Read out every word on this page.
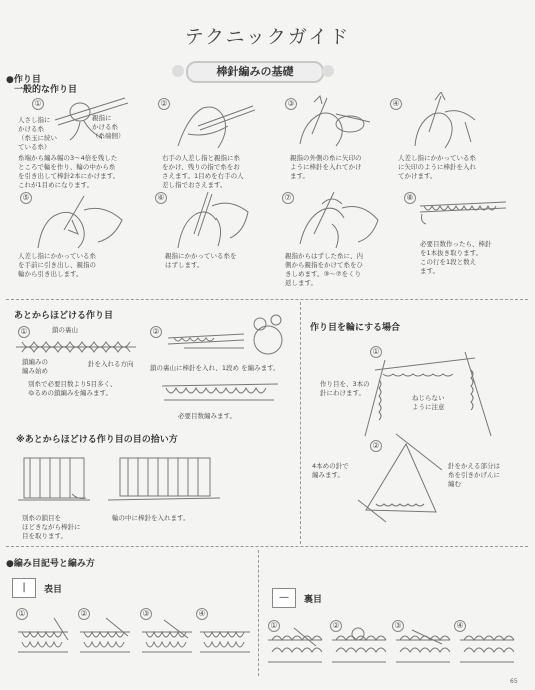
テクニックガイド
棒針編みの基礎
●作り目
一般的な作り目
①
人さし指に
かける糸
（糸玉に続い
ている糸）
親指に
かける糸
（糸端側）
糸端から編み幅の3～4倍を残した
ところで輪を作り、輪の中から糸
を引き出して棒針2本にかけます。
これが1目めになります。
②
右手の人差し指と親指に糸
をかけ、残りの指で糸をお
さえます。1目めを右手の人
差し指でおさえます。
③
親指の外側の糸に矢印の
ように棒針を入れてかけ
ます。
④
人差し指にかかっている糸
に矢印のように棒針を入れ
てかけます。
⑤
人差し指にかかっている糸
を手前に引き出し、親指の
輪から引き出します。
⑥
親指にかかっている糸を
はずします。
⑦
親指からはずした糸に、内
側から親指をかけて糸をひ
きしめます。③～⑦をくり
返します。
⑧
必要目数作ったら、棒針
を1本抜き取ります。
この行を1段と数え
ます。
あとからほどける作り目
①	鎖の裏山
鎖編みの
編み始め
針を入れる方向
別糸で必要目数より5目多く、
ゆるめの鎖編みを編みます。
②
鎖の裏山に棒針を入れ、1段め を編みます。
必要目数編みます。
※あとからほどける作り目の目の拾い方
別糸の鎖目を
ほどきながら棒針に
目を取ります。
輪の中に棒針を入れます。
作り目を輪にする場合
①
作り目を、3本の
針にわけます。
ねじらない
ように注意
②
4本めの針で
編みます。
針をかえる部分は
糸を引きかげんに
編む
●編み目記号と編み方
|	表目
①	②	③	④
—	裏目
①	②	③	④
65
